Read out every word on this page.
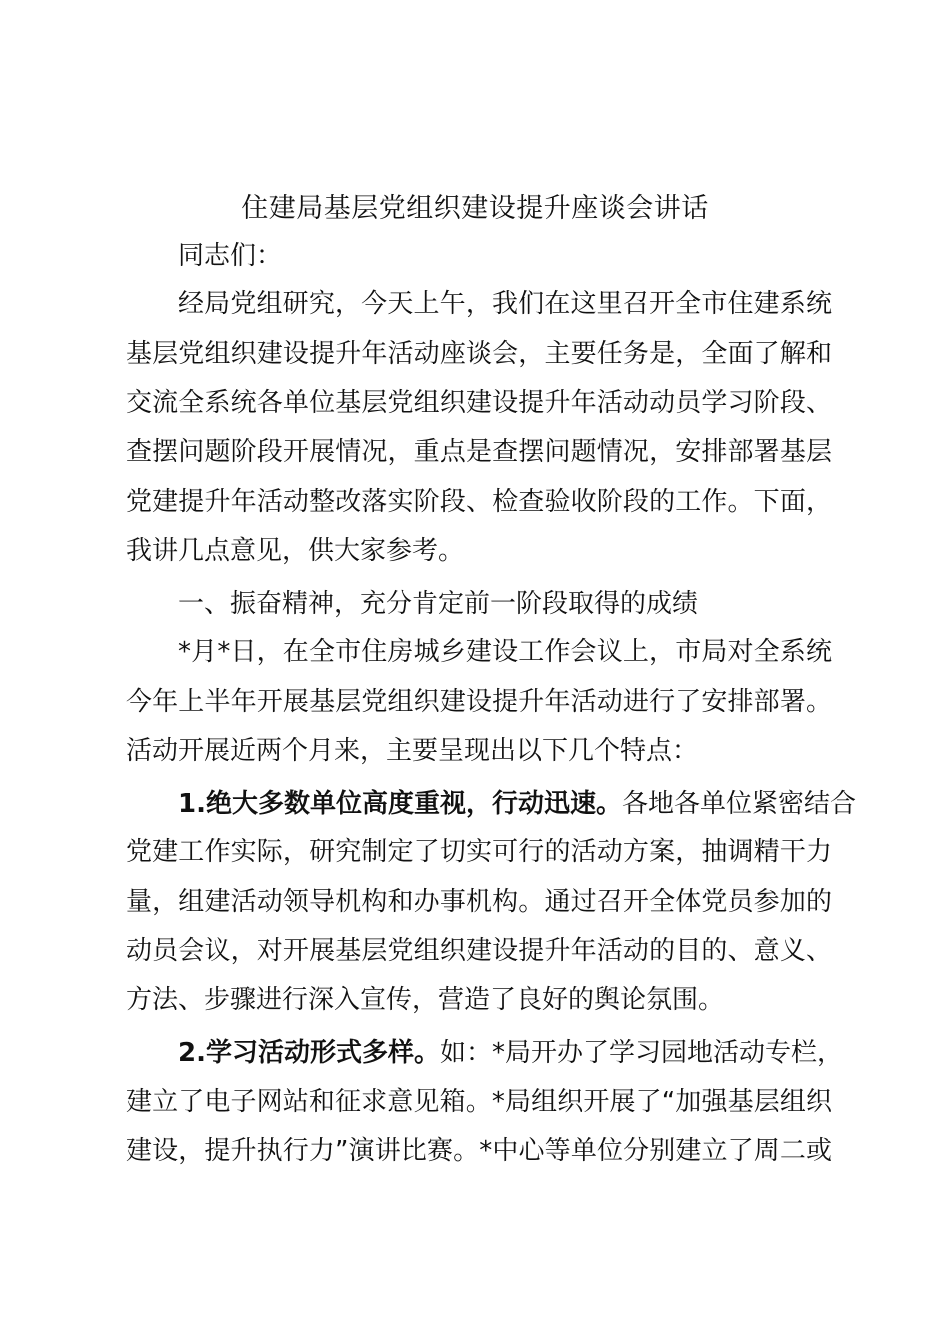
住建局基层党组织建设提升座谈会讲话

同志们：

经局党组研究，今天上午，我们在这里召开全市住建系统

基层党组织建设提升年活动座谈会，主要任务是，全面了解和

交流全系统各单位基层党组织建设提升年活动动员学习阶段、

查摆问题阶段开展情况，重点是查摆问题情况，安排部署基层

党建提升年活动整改落实阶段、检查验收阶段的工作。下面，

我讲几点意见，供大家参考。

一、振奋精神，充分肯定前一阶段取得的成绩

*月*日，在全市住房城乡建设工作会议上，市局对全系统

今年上半年开展基层党组织建设提升年活动进行了安排部署。

活动开展近两个月来，主要呈现出以下几个特点：

1.绝大多数单位高度重视，行动迅速。各地各单位紧密结合

党建工作实际，研究制定了切实可行的活动方案，抽调精干力

量，组建活动领导机构和办事机构。通过召开全体党员参加的

动员会议，对开展基层党组织建设提升年活动的目的、意义、

方法、步骤进行深入宣传，营造了良好的舆论氛围。

2.学习活动形式多样。如：*局开办了学习园地活动专栏，

建立了电子网站和征求意见箱。*局组织开展了“加强基层组织

建设，提升执行力”演讲比赛。*中心等单位分别建立了周二或
